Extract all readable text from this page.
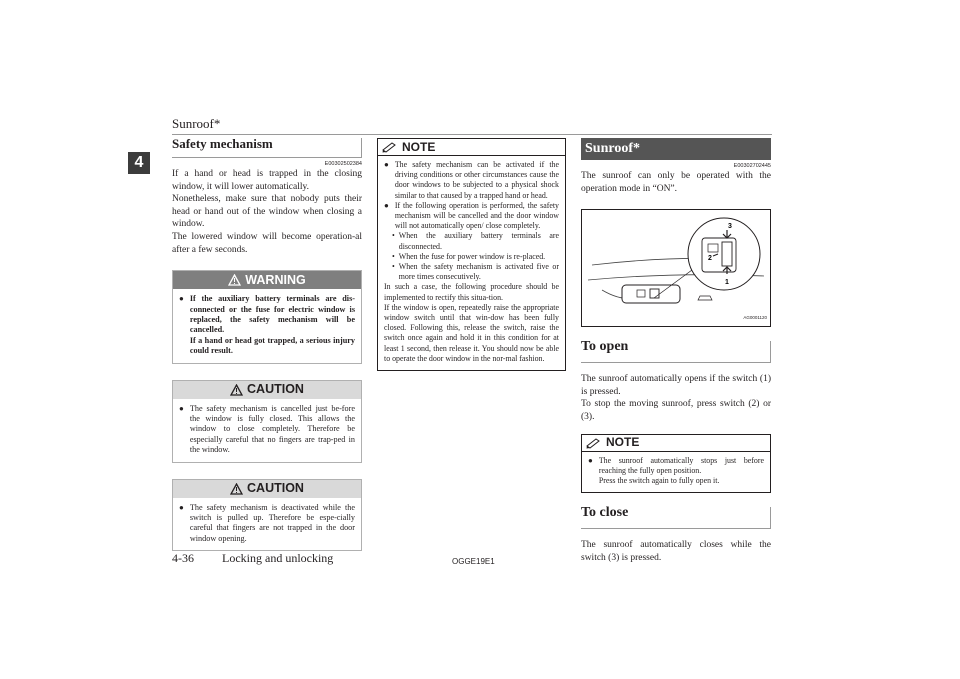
Sunroof*
4
Safety mechanism
E00302502384

If a hand or head is trapped in the closing window, it will lower automatically.

Nonetheless, make sure that nobody puts their head or hand out of the window when closing a window.

The lowered window will become operation-al after a few seconds.

WARNING
● If the auxiliary battery terminals are dis-connected or the fuse for electric window is replaced, the safety mechanism will be cancelled.
If a hand or head got trapped, a serious injury could result.
CAUTION
● The safety mechanism is cancelled just be-fore the window is fully closed. This allows the window to close completely. Therefore be especially careful that no fingers are trap-ped in the window.
CAUTION
● The safety mechanism is deactivated while the switch is pulled up. Therefore be espe-cially careful that fingers are not trapped in the door window opening.
NOTE
● The safety mechanism can be activated if the driving conditions or other circumstances cause the door windows to be subjected to a physical shock similar to that caused by a trapped hand or head.
● If the following operation is performed, the safety mechanism will be cancelled and the door window will not automatically open/ close completely.
• When the auxiliary battery terminals are disconnected.
• When the fuse for power window is re-placed.
• When the safety mechanism is activated five or more times consecutively.
In such a case, the following procedure should be implemented to rectify this situa-tion.
If the window is open, repeatedly raise the appropriate window switch until that win-dow has been fully closed. Following this, release the switch, raise the switch once again and hold it in this condition for at least 1 second, then release it. You should now be able to operate the door window in the nor-mal fashion.
Sunroof*
E00302702445

The sunroof can only be operated with the operation mode in “ON”.

3
2
1
AG0001120
To open

The sunroof automatically opens if the switch (1) is pressed.

To stop the moving sunroof, press switch (2) or (3).

NOTE
● The sunroof automatically stops just before reaching the fully open position.
Press the switch again to fully open it.
To close

The sunroof automatically closes while the switch (3) is pressed.

4-36 Locking and unlocking	OGGE19E1
